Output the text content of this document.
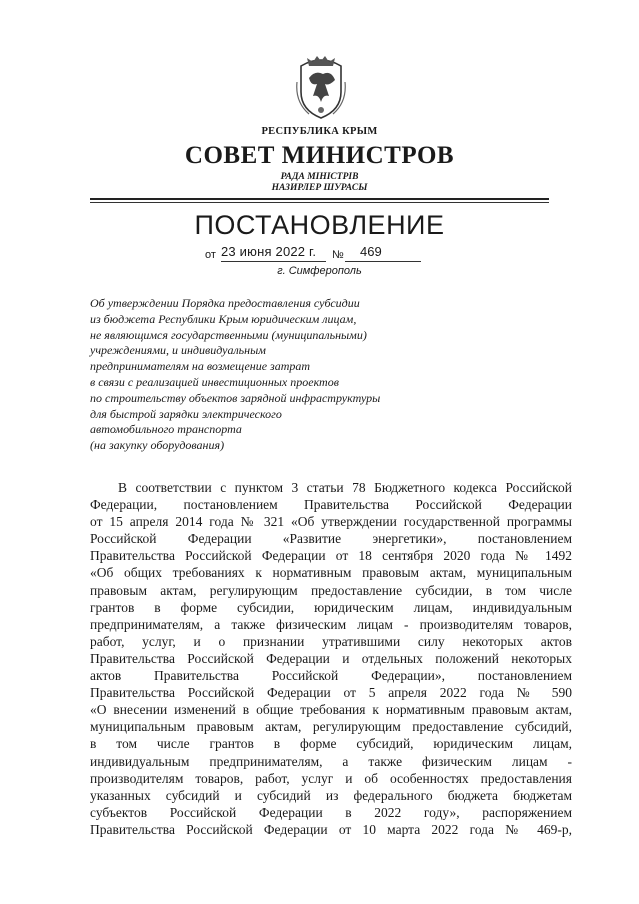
РЕСПУБЛИКА КРЫМ
СОВЕТ МИНИСТРОВ
РАДА МІНІСТРІВ
НАЗИРЛЕР ШУРАСЫ
ПОСТАНОВЛЕНИЕ
от 23 июня 2022 г.	№ 469
г. Симферополь
Об утверждении Порядка предоставления субсидии
из бюджета Республики Крым юридическим лицам,
не являющимся государственными (муниципальными)
учреждениями, и индивидуальным
предпринимателям на возмещение затрат
в связи с реализацией инвестиционных проектов
по строительству объектов зарядной инфраструктуры
для быстрой зарядки электрического
автомобильного транспорта
(на закупку оборудования)
В соответствии с пунктом 3 статьи 78 Бюджетного кодекса Российской
Федерации, постановлением Правительства Российской Федерации
от 15 апреля 2014 года № 321 «Об утверждении государственной программы
Российской Федерации «Развитие энергетики», постановлением
Правительства Российской Федерации от 18 сентября 2020 года № 1492
«Об общих требованиях к нормативным правовым актам, муниципальным
правовым актам, регулирующим предоставление субсидии, в том числе
грантов в форме субсидии, юридическим лицам, индивидуальным
предпринимателям, а также физическим лицам - производителям товаров,
работ, услуг, и о признании утратившими силу некоторых актов
Правительства Российской Федерации и отдельных положений некоторых
актов Правительства Российской Федерации», постановлением
Правительства Российской Федерации от 5 апреля 2022 года № 590
«О внесении изменений в общие требования к нормативным правовым актам,
муниципальным правовым актам, регулирующим предоставление субсидий,
в том числе грантов в форме субсидий, юридическим лицам,
индивидуальным предпринимателям, а также физическим лицам -
производителям товаров, работ, услуг и об особенностях предоставления
указанных субсидий и субсидий из федерального бюджета бюджетам
субъектов Российской Федерации в 2022 году», распоряжением
Правительства Российской Федерации от 10 марта 2022 года № 469-р,
